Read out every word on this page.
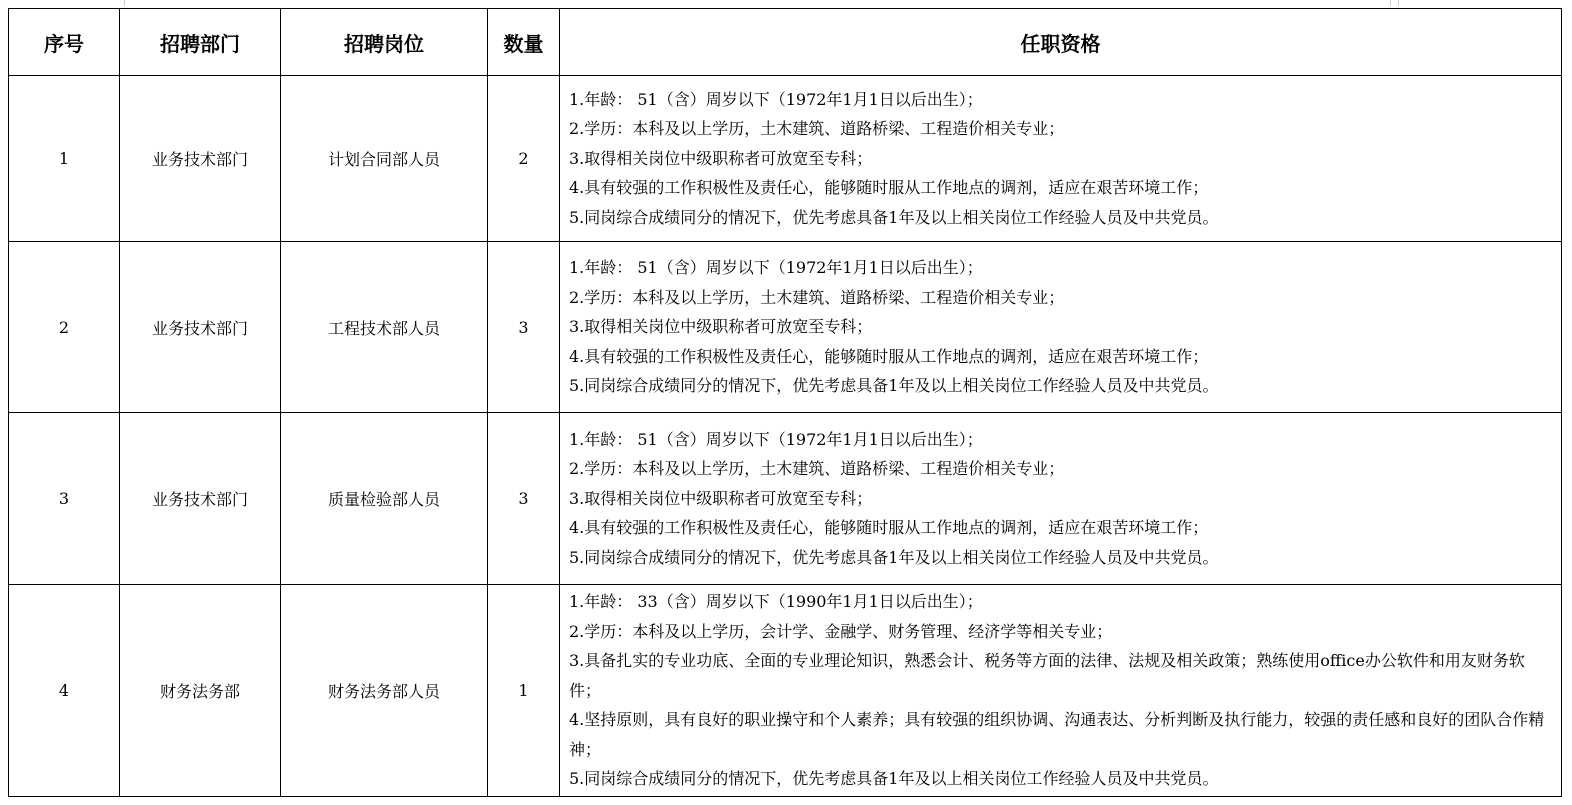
序号	招聘部门	招聘岗位	数量	任职资格
1	业务技术部门	计划合同部人员	2	1.年龄： 51（含）周岁以下（1972年1月1日以后出生）；
2.学历：本科及以上学历，土木建筑、道路桥梁、工程造价相关专业；
3.取得相关岗位中级职称者可放宽至专科；
4.具有较强的工作积极性及责任心，能够随时服从工作地点的调剂，适应在艰苦环境工作；
5.同岗综合成绩同分的情况下，优先考虑具备1年及以上相关岗位工作经验人员及中共党员。

2	业务技术部门	工程技术部人员	3	1.年龄： 51（含）周岁以下（1972年1月1日以后出生）；
2.学历：本科及以上学历，土木建筑、道路桥梁、工程造价相关专业；
3.取得相关岗位中级职称者可放宽至专科；
4.具有较强的工作积极性及责任心，能够随时服从工作地点的调剂，适应在艰苦环境工作；
5.同岗综合成绩同分的情况下，优先考虑具备1年及以上相关岗位工作经验人员及中共党员。

3	业务技术部门	质量检验部人员	3	1.年龄： 51（含）周岁以下（1972年1月1日以后出生）；
2.学历：本科及以上学历，土木建筑、道路桥梁、工程造价相关专业；
3.取得相关岗位中级职称者可放宽至专科；
4.具有较强的工作积极性及责任心，能够随时服从工作地点的调剂，适应在艰苦环境工作；
5.同岗综合成绩同分的情况下，优先考虑具备1年及以上相关岗位工作经验人员及中共党员。

4	财务法务部	财务法务部人员	1	1.年龄： 33（含）周岁以下（1990年1月1日以后出生）；
2.学历：本科及以上学历，会计学、金融学、财务管理、经济学等相关专业；
3.具备扎实的专业功底、全面的专业理论知识，熟悉会计、税务等方面的法律、法规及相关政策；熟练使用office办公软件和用友财务软件；
4.坚持原则，具有良好的职业操守和个人素养；具有较强的组织协调、沟通表达、分析判断及执行能力，较强的责任感和良好的团队合作精神；
5.同岗综合成绩同分的情况下，优先考虑具备1年及以上相关岗位工作经验人员及中共党员。
